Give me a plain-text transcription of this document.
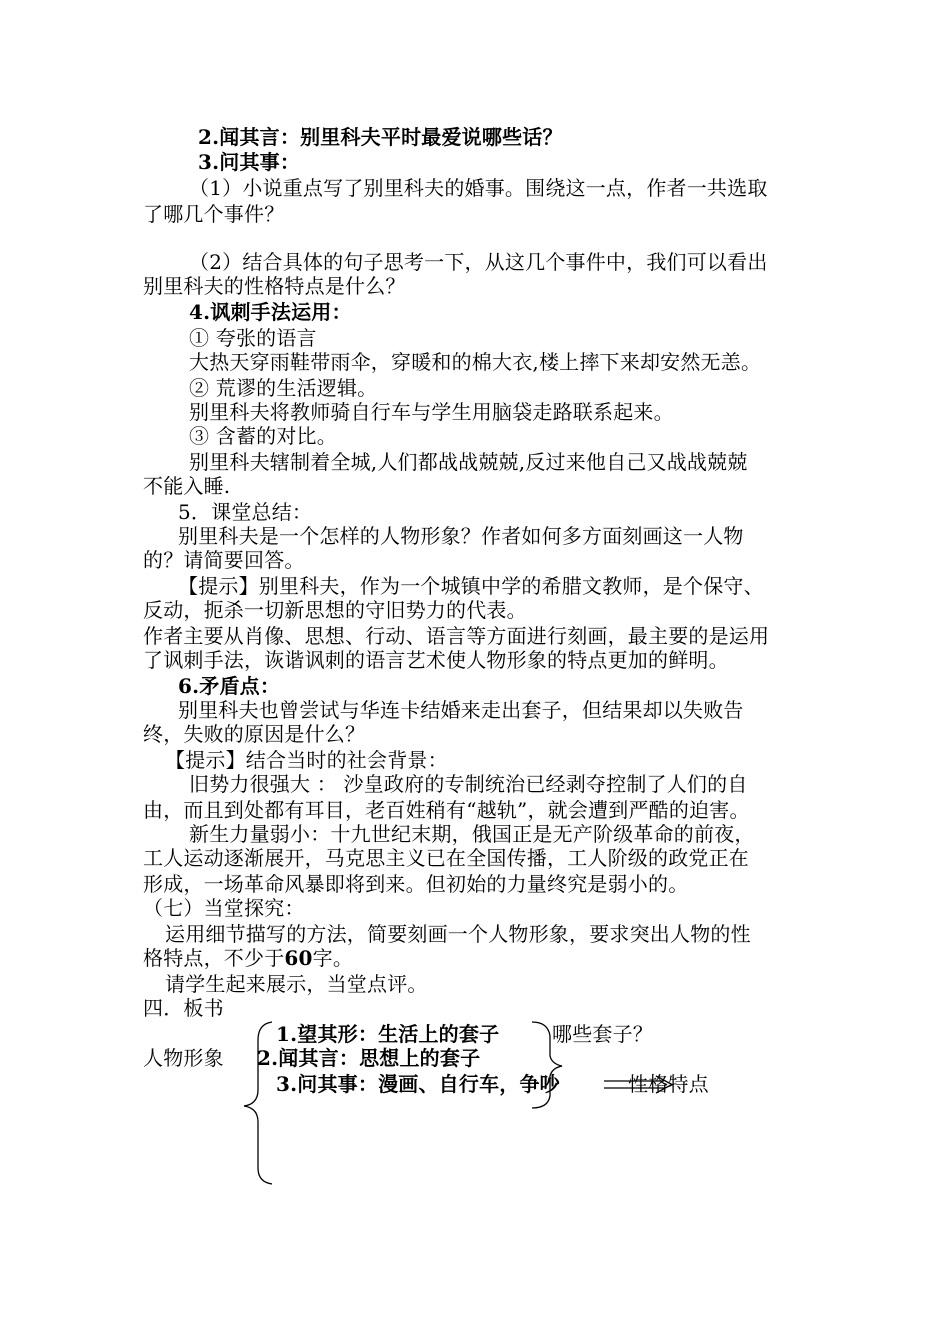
2.闻其言：别里科夫平时最爱说哪些话？
3.问其事：
（1）小说重点写了别里科夫的婚事。围绕这一点，作者一共选取
了哪几个事件？
（2）结合具体的句子思考一下，从这几个事件中，我们可以看出
别里科夫的性格特点是什么？
4.讽刺手法运用：
① 夸张的语言
大热天穿雨鞋带雨伞，穿暖和的棉大衣,楼上摔下来却安然无恙。
② 荒谬的生活逻辑。
别里科夫将教师骑自行车与学生用脑袋走路联系起来。
③ 含蓄的对比。
别里科夫辖制着全城,人们都战战兢兢,反过来他自己又战战兢兢
不能入睡.
5．课堂总结：
别里科夫是一个怎样的人物形象？作者如何多方面刻画这一人物
的？请简要回答。
【提示】别里科夫，作为一个城镇中学的希腊文教师，是个保守、
反动，扼杀一切新思想的守旧势力的代表。
作者主要从肖像、思想、行动、语言等方面进行刻画，最主要的是运用
了讽刺手法，诙谐讽刺的语言艺术使人物形象的特点更加的鲜明。
6.矛盾点：
别里科夫也曾尝试与华连卡结婚来走出套子，但结果却以失败告
终，失败的原因是什么？
【提示】结合当时的社会背景：
旧势力很强大 ： 沙皇政府的专制统治已经剥夺控制了人们的自
由，而且到处都有耳目，老百姓稍有“越轨”，就会遭到严酷的迫害。
新生力量弱小：十九世纪末期，俄国正是无产阶级革命的前夜，
工人运动逐渐展开，马克思主义已在全国传播，工人阶级的政党正在
形成，一场革命风暴即将到来。但初始的力量终究是弱小的。
（七）当堂探究：
运用细节描写的方法，简要刻画一个人物形象，要求突出人物的性
格特点，不少于60字。
请学生起来展示，当堂点评。
四．板书
1.望其形：生活上的套子	哪些套子？
人物形象 2.闻其言：思想上的套子
3.问其事：漫画、自行车，争吵	性格特点
